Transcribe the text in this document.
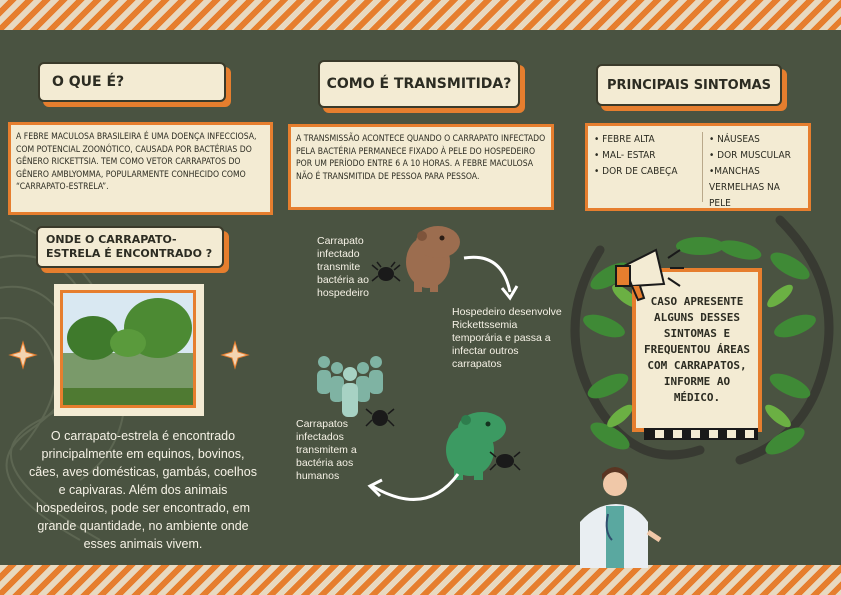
O QUE É?
A FEBRE MACULOSA BRASILEIRA É UMA DOENÇA INFECCIOSA, COM POTENCIAL ZOONÓTICO, CAUSADA POR BACTÉRIAS DO GÊNERO RICKETTSIA. TEM COMO VETOR CARRAPATOS DO GÊNERO AMBLYOMMA, POPULARMENTE CONHECIDO COMO “CARRAPATO-ESTRELA”.
ONDE O CARRAPATO-ESTRELA É ENCONTRADO ?
O carrapato-estrela é encontrado principalmente em equinos, bovinos, cães, aves domésticas, gambás, coelhos e capivaras. Além dos animais hospedeiros, pode ser encontrado, em grande quantidade, no ambiente onde esses animais vivem.
COMO É TRANSMITIDA?
A TRANSMISSÃO ACONTECE QUANDO O CARRAPATO INFECTADO PELA BACTÉRIA PERMANECE FIXADO À PELE DO HOSPEDEIRO POR UM PERÍODO ENTRE 6 A 10 HORAS. A FEBRE MACULOSA NÃO É TRANSMITIDA DE PESSOA PARA PESSOA.
Carrapato infectado transmite bactéria ao hospedeiro
Hospedeiro desenvolve Rickettssemia temporária e passa a infectar outros carrapatos
Carrapatos infectados transmitem a bactéria aos humanos
PRINCIPAIS SINTOMAS
• FEBRE ALTA
• MAL- ESTAR
• DOR DE CABEÇA
• NÁUSEAS
• DOR MUSCULAR
•MANCHAS VERMELHAS NA PELE
CASO APRESENTE ALGUNS DESSES SINTOMAS E FREQUENTOU ÁREAS COM CARRAPATOS, INFORME AO MÉDICO.
